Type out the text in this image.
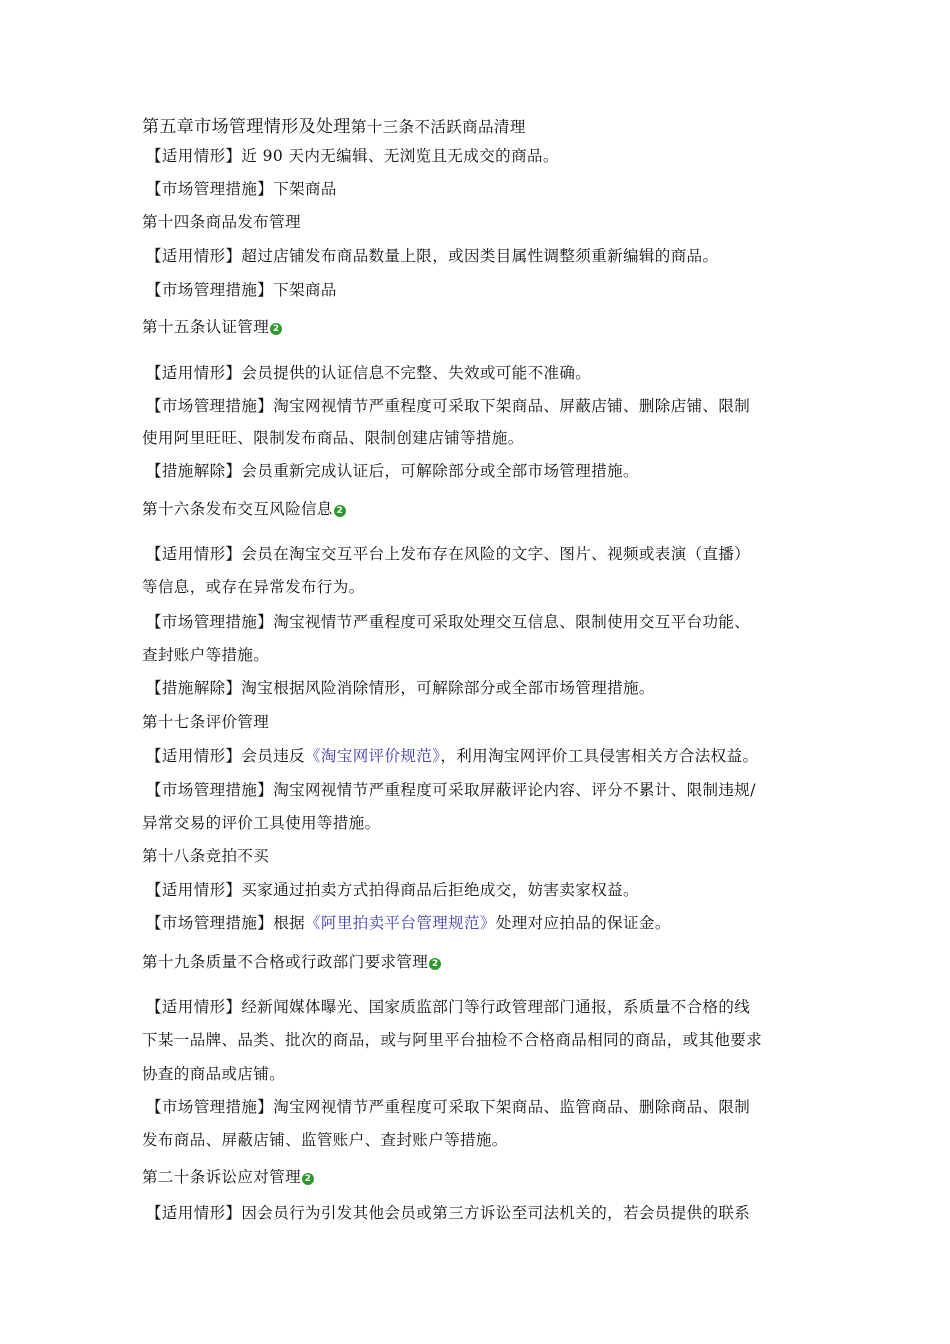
第五章市场管理情形及处理第十三条不活跃商品清理
【适用情形】近 90 天内无编辑、无浏览且无成交的商品。
【市场管理措施】下架商品
第十四条商品发布管理
【适用情形】超过店铺发布商品数量上限，或因类目属性调整须重新编辑的商品。
【市场管理措施】下架商品
第十五条认证管理 2
【适用情形】会员提供的认证信息不完整、失效或可能不准确。
【市场管理措施】淘宝网视情节严重程度可采取下架商品、屏蔽店铺、删除店铺、限制
使用阿里旺旺、限制发布商品、限制创建店铺等措施。
【措施解除】会员重新完成认证后，可解除部分或全部市场管理措施。
第十六条发布交互风险信息 2
【适用情形】会员在淘宝交互平台上发布存在风险的文字、图片、视频或表演（直播）
等信息，或存在异常发布行为。
【市场管理措施】淘宝视情节严重程度可采取处理交互信息、限制使用交互平台功能、
查封账户等措施。
【措施解除】淘宝根据风险消除情形，可解除部分或全部市场管理措施。
第十七条评价管理
【适用情形】会员违反《淘宝网评价规范》，利用淘宝网评价工具侵害相关方合法权益。
【市场管理措施】淘宝网视情节严重程度可采取屏蔽评论内容、评分不累计、限制违规/
异常交易的评价工具使用等措施。
第十八条竞拍不买
【适用情形】买家通过拍卖方式拍得商品后拒绝成交，妨害卖家权益。
【市场管理措施】根据《阿里拍卖平台管理规范》处理对应拍品的保证金。
第十九条质量不合格或行政部门要求管理 2
【适用情形】经新闻媒体曝光、国家质监部门等行政管理部门通报，系质量不合格的线
下某一品牌、品类、批次的商品，或与阿里平台抽检不合格商品相同的商品，或其他要求
协查的商品或店铺。
【市场管理措施】淘宝网视情节严重程度可采取下架商品、监管商品、删除商品、限制
发布商品、屏蔽店铺、监管账户、查封账户等措施。
第二十条诉讼应对管理 2
【适用情形】因会员行为引发其他会员或第三方诉讼至司法机关的，若会员提供的联系
